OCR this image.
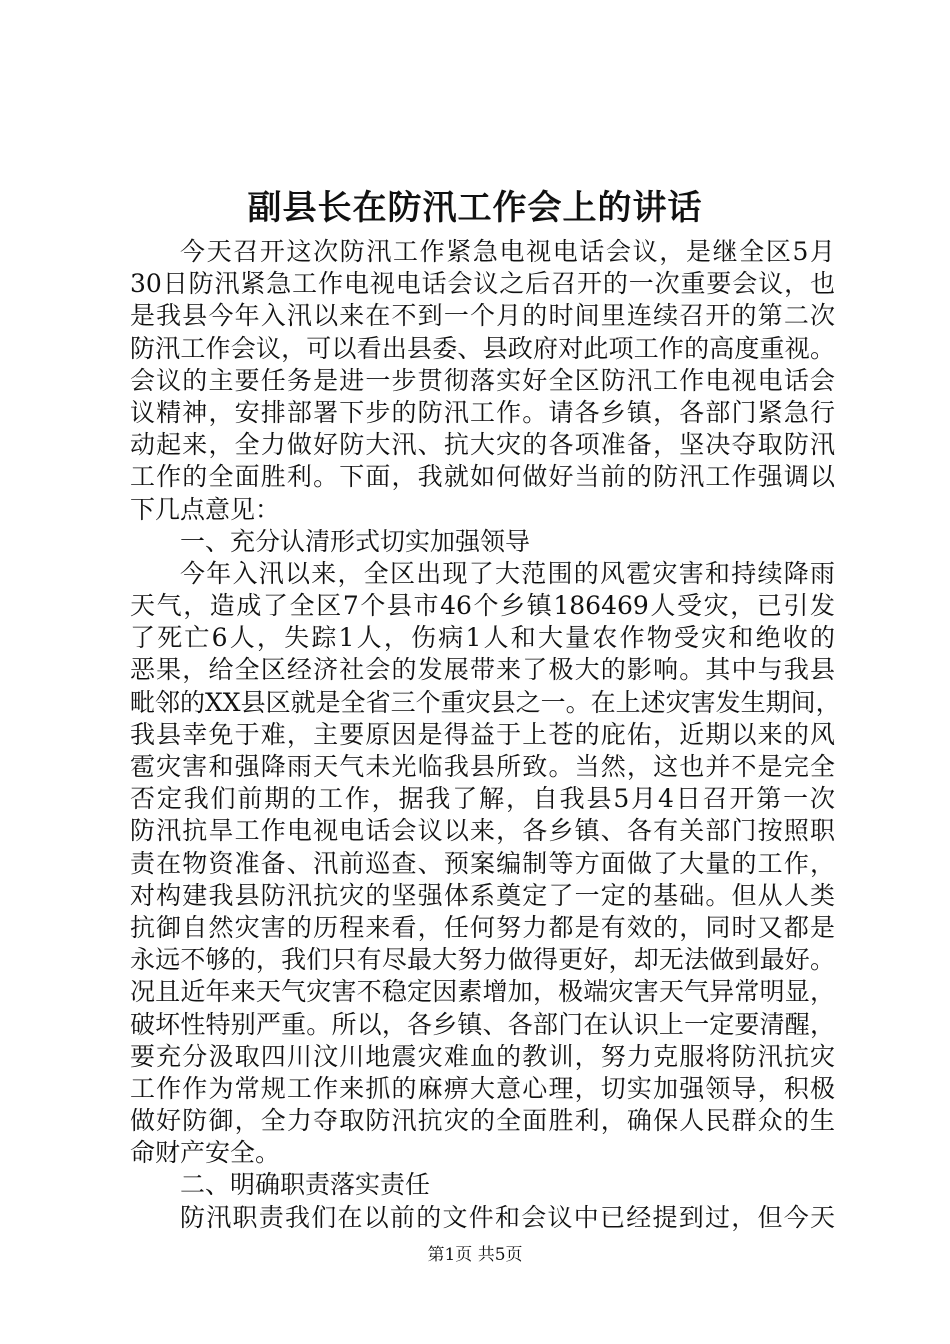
副县长在防汛工作会上的讲话
今天召开这次防汛工作紧急电视电话会议，是继全区5月
30日防汛紧急工作电视电话会议之后召开的一次重要会议，也
是我县今年入汛以来在不到一个月的时间里连续召开的第二次
防汛工作会议，可以看出县委、县政府对此项工作的高度重视。
会议的主要任务是进一步贯彻落实好全区防汛工作电视电话会
议精神，安排部署下步的防汛工作。请各乡镇，各部门紧急行
动起来，全力做好防大汛、抗大灾的各项准备，坚决夺取防汛
工作的全面胜利。下面，我就如何做好当前的防汛工作强调以
下几点意见：
一、充分认清形式切实加强领导
今年入汛以来，全区出现了大范围的风雹灾害和持续降雨
天气，造成了全区7个县市46个乡镇186469人受灾，已引发
了死亡6人，失踪1人，伤病1人和大量农作物受灾和绝收的
恶果，给全区经济社会的发展带来了极大的影响。其中与我县
毗邻的XX县区就是全省三个重灾县之一。在上述灾害发生期间，
我县幸免于难，主要原因是得益于上苍的庇佑，近期以来的风
雹灾害和强降雨天气未光临我县所致。当然，这也并不是完全
否定我们前期的工作，据我了解，自我县5月4日召开第一次
防汛抗旱工作电视电话会议以来，各乡镇、各有关部门按照职
责在物资准备、汛前巡查、预案编制等方面做了大量的工作，
对构建我县防汛抗灾的坚强体系奠定了一定的基础。但从人类
抗御自然灾害的历程来看，任何努力都是有效的，同时又都是
永远不够的，我们只有尽最大努力做得更好，却无法做到最好。
况且近年来天气灾害不稳定因素增加，极端灾害天气异常明显，
破坏性特别严重。所以，各乡镇、各部门在认识上一定要清醒，
要充分汲取四川汶川地震灾难血的教训，努力克服将防汛抗灾
工作作为常规工作来抓的麻痹大意心理，切实加强领导，积极
做好防御，全力夺取防汛抗灾的全面胜利，确保人民群众的生
命财产安全。
二、明确职责落实责任
防汛职责我们在以前的文件和会议中已经提到过，但今天
第1页 共5页
